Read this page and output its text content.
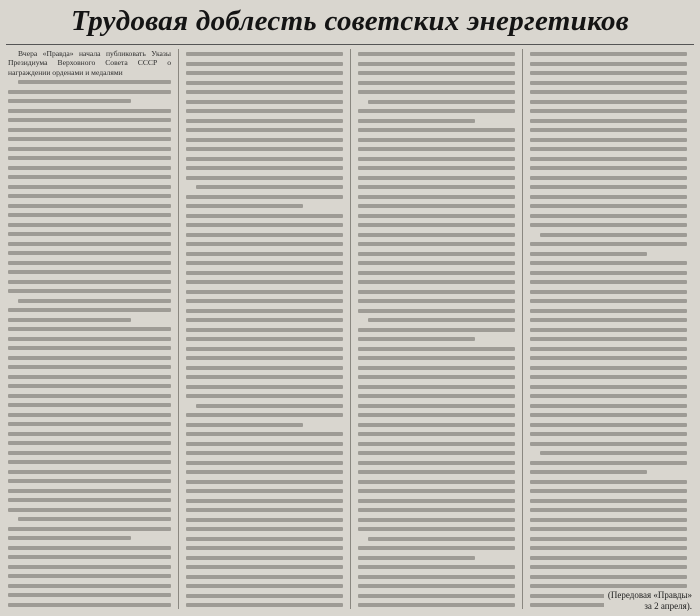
Трудовая доблесть советских энергетиков

Вчера «Правда» начала публиковать Указы Президиума Верховного Совета СССР о награждении орденами и медалями

(Передовая «Правды»
за 2 апреля).
